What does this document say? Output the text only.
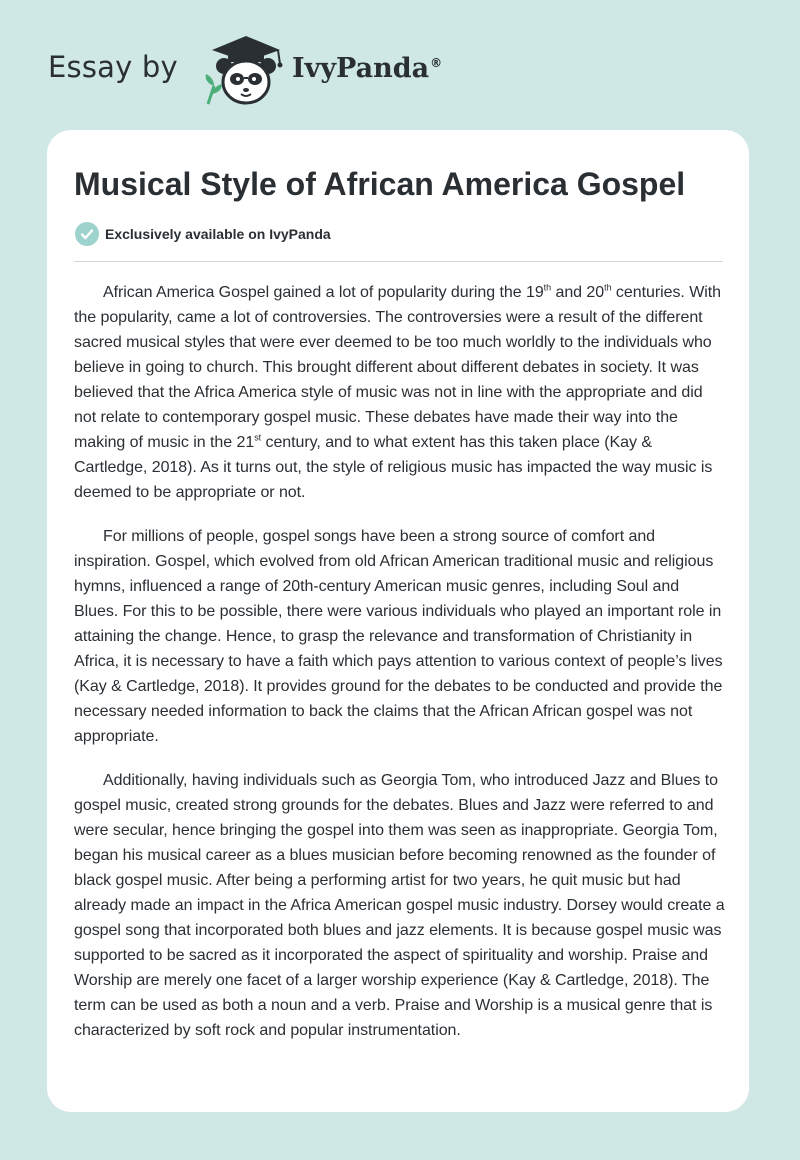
Essay by	IvyPanda®
Musical Style of African America Gospel
Exclusively available on IvyPanda

African America Gospel gained a lot of popularity during the 19th and 20th centuries. With the popularity, came a lot of controversies. The controversies were a result of the different sacred musical styles that were ever deemed to be too much worldly to the individuals who believe in going to church. This brought different about different debates in society. It was believed that the Africa America style of music was not in line with the appropriate and did not relate to contemporary gospel music. These debates have made their way into the making of music in the 21st century, and to what extent has this taken place (Kay & Cartledge, 2018). As it turns out, the style of religious music has impacted the way music is deemed to be appropriate or not.

For millions of people, gospel songs have been a strong source of comfort and inspiration. Gospel, which evolved from old African American traditional music and religious hymns, influenced a range of 20th-century American music genres, including Soul and Blues. For this to be possible, there were various individuals who played an important role in attaining the change. Hence, to grasp the relevance and transformation of Christianity in Africa, it is necessary to have a faith which pays attention to various context of people’s lives (Kay & Cartledge, 2018). It provides ground for the debates to be conducted and provide the necessary needed information to back the claims that the African African gospel was not appropriate.

Additionally, having individuals such as Georgia Tom, who introduced Jazz and Blues to gospel music, created strong grounds for the debates. Blues and Jazz were referred to and were secular, hence bringing the gospel into them was seen as inappropriate. Georgia Tom, began his musical career as a blues musician before becoming renowned as the founder of black gospel music. After being a performing artist for two years, he quit music but had already made an impact in the Africa American gospel music industry. Dorsey would create a gospel song that incorporated both blues and jazz elements. It is because gospel music was supported to be sacred as it incorporated the aspect of spirituality and worship. Praise and Worship are merely one facet of a larger worship experience (Kay & Cartledge, 2018). The term can be used as both a noun and a verb. Praise and Worship is a musical genre that is characterized by soft rock and popular instrumentation.
